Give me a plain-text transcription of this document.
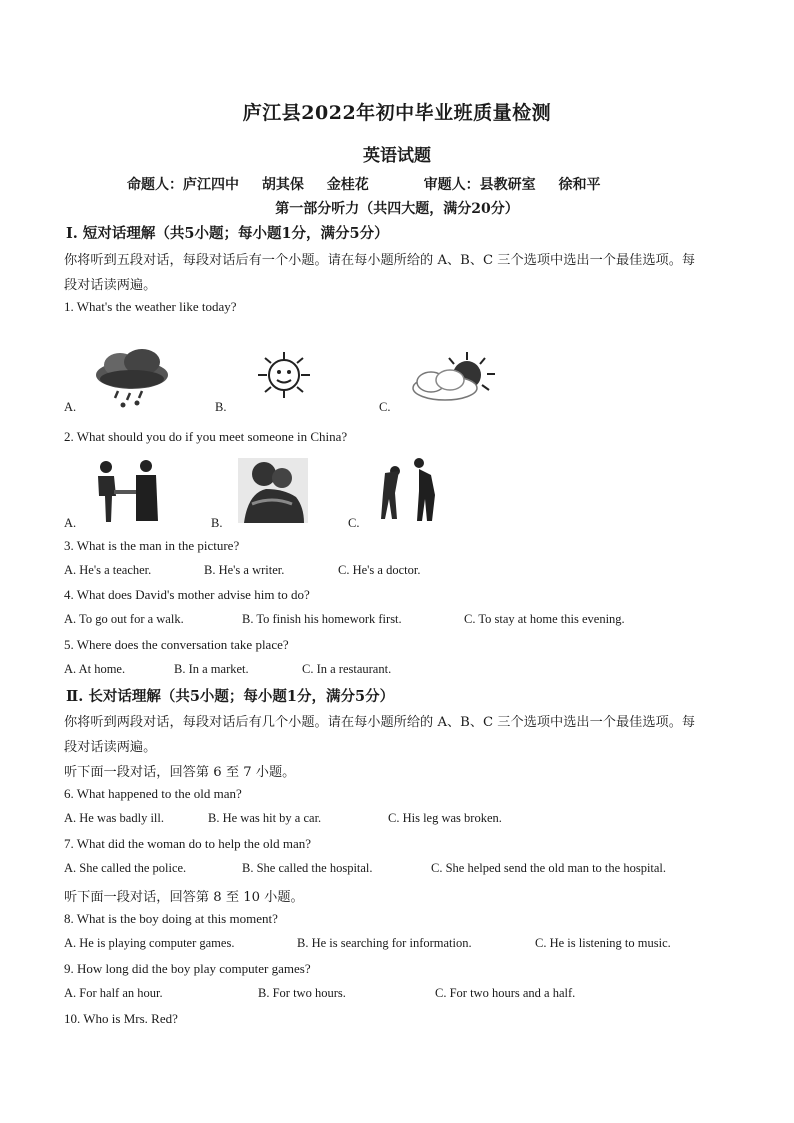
庐江县2022年初中毕业班质量检测
英语试题
命题人：庐江四中 胡其保 金桂花	审题人：县教研室 徐和平
第一部分听力（共四大题，满分20分）
Ⅰ. 短对话理解（共5小题；每小题1分，满分5分）
你将听到五段对话，每段对话后有一个小题。请在每小题所给的 A、B、C 三个选项中选出一个最佳选项。每
段对话读两遍。
1. What's the weather like today?
A.	B.	C.
2. What should you do if you meet someone in China?
A.	B.	C.
3. What is the man in the picture?
A. He's a teacher.	B. He's a writer.	C. He's a doctor.
4. What does David's mother advise him to do?
A. To go out for a walk.	B. To finish his homework first.	C. To stay at home this evening.
5. Where does the conversation take place?
A. At home.	B. In a market.	C. In a restaurant.
Ⅱ. 长对话理解（共5小题；每小题1分，满分5分）
你将听到两段对话，每段对话后有几个小题。请在每小题所给的 A、B、C 三个选项中选出一个最佳选项。每
段对话读两遍。
听下面一段对话，回答第 6 至 7 小题。
6. What happened to the old man?
A. He was badly ill.	B. He was hit by a car.	C. His leg was broken.
7. What did the woman do to help the old man?
A. She called the police.	B. She called the hospital.	C. She helped send the old man to the hospital.
听下面一段对话，回答第 8 至 10 小题。
8. What is the boy doing at this moment?
A. He is playing computer games.	B. He is searching for information.	C. He is listening to music.
9. How long did the boy play computer games?
A. For half an hour.	B. For two hours.	C. For two hours and a half.
10. Who is Mrs. Red?
